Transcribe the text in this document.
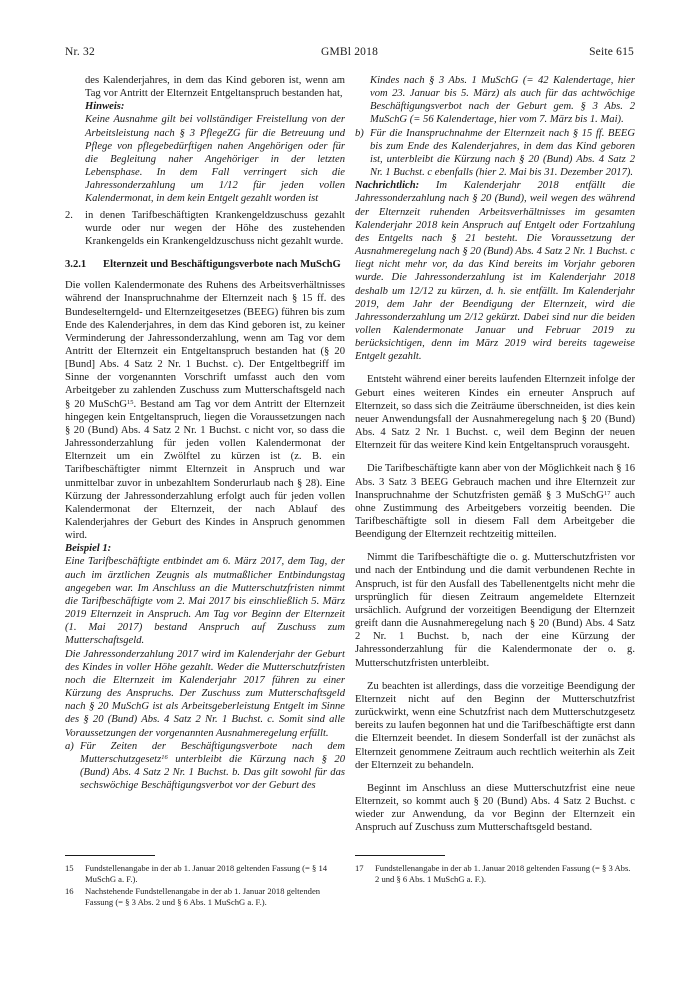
Nr. 32	GMBl 2018	Seite 615

des Kalenderjahres, in dem das Kind geboren ist, wenn am Tag vor Antritt der Elternzeit Entgeltanspruch bestanden hat,

Hinweis:

Keine Ausnahme gilt bei vollständiger Freistellung von der Arbeitsleistung nach § 3 PflegeZG für die Betreuung und Pflege von pflegebedürftigen nahen Angehörigen oder für die Begleitung naher Angehöriger in der letzten Lebensphase. In dem Fall verringert sich die Jahressonderzahlung um 1/12 für jeden vollen Kalendermonat, in dem kein Entgelt gezahlt worden ist

2. in denen Tarifbeschäftigten Krankengeldzuschuss gezahlt wurde oder nur wegen der Höhe des zustehenden Krankengelds ein Krankengeldzuschuss nicht gezahlt wurde.

3.2.1 Elternzeit und Beschäftigungsverbote nach MuSchG

Die vollen Kalendermonate des Ruhens des Arbeitsverhältnisses während der Inanspruchnahme der Elternzeit nach § 15 ff. des Bundeselterngeld- und Elternzeitgesetzes (BEEG) führen bis zum Ende des Kalenderjahres, in dem das Kind geboren ist, zu keiner Verminderung der Jahressonderzahlung, wenn am Tag vor dem Antritt der Elternzeit ein Entgeltanspruch bestanden hat (§ 20 [Bund] Abs. 4 Satz 2 Nr. 1 Buchst. c). Der Entgeltbegriff im Sinne der vorgenannten Vorschrift umfasst auch den vom Arbeitgeber zu zahlenden Zuschuss zum Mutterschaftsgeld nach § 20 MuSchG$^{15}$. Bestand am Tag vor dem Antritt der Elternzeit hingegen kein Entgeltanspruch, liegen die Voraussetzungen nach § 20 (Bund) Abs. 4 Satz 2 Nr. 1 Buchst. c nicht vor, so dass die Jahressonderzahlung für jeden vollen Kalendermonat der Elternzeit um ein Zwölftel zu kürzen ist (z. B. ein Tarifbeschäftigter nimmt Elternzeit in Anspruch und war unmittelbar zuvor in unbezahltem Sonderurlaub nach § 28). Eine Kürzung der Jahressonderzahlung erfolgt auch für jeden vollen Kalendermonat der Elternzeit, der nach Ablauf des Kalenderjahres der Geburt des Kindes in Anspruch genommen wird.

Beispiel 1:

Eine Tarifbeschäftigte entbindet am 6. März 2017, dem Tag, der auch im ärztlichen Zeugnis als mutmaßlicher Entbindungstag angegeben war. Im Anschluss an die Mutterschutzfristen nimmt die Tarifbeschäftigte vom 2. Mai 2017 bis einschließlich 5. März 2019 Elternzeit in Anspruch. Am Tag vor Beginn der Elternzeit (1. Mai 2017) bestand Anspruch auf Zuschuss zum Mutterschaftsgeld.

Die Jahressonderzahlung 2017 wird im Kalenderjahr der Geburt des Kindes in voller Höhe gezahlt. Weder die Mutterschutzfristen noch die Elternzeit im Kalenderjahr 2017 führen zu einer Kürzung des Anspruchs. Der Zuschuss zum Mutterschaftsgeld nach § 20 MuSchG ist als Arbeitsgeberleistung Entgelt im Sinne des § 20 (Bund) Abs. 4 Satz 2 Nr. 1 Buchst. c. Somit sind alle Voraussetzungen der vorgenannten Ausnahmeregelung erfüllt.

a) Für Zeiten der Beschäftigungsverbote nach dem Mutterschutzgesetz$^{16}$ unterbleibt die Kürzung nach § 20 (Bund) Abs. 4 Satz 2 Nr. 1 Buchst. b. Das gilt sowohl für das sechswöchige Beschäftigungsverbot vor der Geburt des

Kindes nach § 3 Abs. 1 MuSchG (= 42 Kalendertage, hier vom 23. Januar bis 5. März) als auch für das achtwöchige Beschäftigungsverbot nach der Geburt gem. § 3 Abs. 2 MuSchG (= 56 Kalendertage, hier vom 7. März bis 1. Mai).

b) Für die Inanspruchnahme der Elternzeit nach § 15 ff. BEEG bis zum Ende des Kalenderjahres, in dem das Kind geboren ist, unterbleibt die Kürzung nach § 20 (Bund) Abs. 4 Satz 2 Nr. 1 Buchst. c ebenfalls (hier 2. Mai bis 31. Dezember 2017).

Nachrichtlich: Im Kalenderjahr 2018 entfällt die Jahressonderzahlung nach § 20 (Bund), weil wegen des während der Elternzeit ruhenden Arbeitsverhältnisses im gesamten Kalenderjahr 2018 kein Anspruch auf Entgelt oder Fortzahlung des Entgelts nach § 21 besteht. Die Voraussetzung der Ausnahmeregelung nach § 20 (Bund) Abs. 4 Satz 2 Nr. 1 Buchst. c liegt nicht mehr vor, da das Kind bereits im Vorjahr geboren wurde. Die Jahressonderzahlung ist im Kalenderjahr 2018 deshalb um 12/12 zu kürzen, d. h. sie entfällt. Im Kalenderjahr 2019, dem Jahr der Beendigung der Elternzeit, wird die Jahressonderzahlung um 2/12 gekürzt. Dabei sind nur die beiden vollen Kalendermonate Januar und Februar 2019 zu berücksichtigen, denn im März 2019 wird bereits tageweise Entgelt gezahlt.

Entsteht während einer bereits laufenden Elternzeit infolge der Geburt eines weiteren Kindes ein erneuter Anspruch auf Elternzeit, so dass sich die Zeiträume überschneiden, ist dies kein neuer Anwendungsfall der Ausnahmeregelung nach § 20 (Bund) Abs. 4 Satz 2 Nr. 1 Buchst. c, weil dem Beginn der neuen Elternzeit für das weitere Kind kein Entgeltanspruch vorausgeht.

Die Tarifbeschäftigte kann aber von der Möglichkeit nach § 16 Abs. 3 Satz 3 BEEG Gebrauch machen und ihre Elternzeit zur Inanspruchnahme der Schutzfristen gemäß § 3 MuSchG$^{17}$ auch ohne Zustimmung des Arbeitgebers vorzeitig beenden. Die Tarifbeschäftigte soll in diesem Fall dem Arbeitgeber die Beendigung der Elternzeit rechtzeitig mitteilen.

Nimmt die Tarifbeschäftigte die o. g. Mutterschutzfristen vor und nach der Entbindung und die damit verbundenen Rechte in Anspruch, ist für den Ausfall des Tabellenentgelts nicht mehr die ursprünglich für diesen Zeitraum angemeldete Elternzeit ursächlich. Aufgrund der vorzeitigen Beendigung der Elternzeit greift dann die Ausnahmeregelung nach § 20 (Bund) Abs. 4 Satz 2 Nr. 1 Buchst. b, nach der eine Kürzung der Jahressonderzahlung für die Kalendermonate der o. g. Mutterschutzfristen unterbleibt.

Zu beachten ist allerdings, dass die vorzeitige Beendigung der Elternzeit nicht auf den Beginn der Mutterschutzfrist zurückwirkt, wenn eine Schutzfrist nach dem Mutterschutzgesetz bereits zu laufen begonnen hat und die Tarifbeschäftigte erst dann die Elternzeit beendet. In diesem Sonderfall ist der zunächst als Elternzeit genommene Zeitraum auch rechtlich weiterhin als Zeit der Elternzeit zu behandeln.

Beginnt im Anschluss an diese Mutterschutzfrist eine neue Elternzeit, so kommt auch § 20 (Bund) Abs. 4 Satz 2 Buchst. c wieder zur Anwendung, da vor Beginn der Elternzeit ein Anspruch auf Zuschuss zum Mutterschaftsgeld bestand.

15 Fundstellenangabe in der ab 1. Januar 2018 geltenden Fassung (= § 14 MuSchG a. F.).
16 Nachstehende Fundstellenangabe in der ab 1. Januar 2018 geltenden Fassung (= § 3 Abs. 2 und § 6 Abs. 1 MuSchG a. F.).
17 Fundstellenangabe in der ab 1. Januar 2018 geltenden Fassung (= § 3 Abs. 2 und § 6 Abs. 1 MuSchG a. F.).
